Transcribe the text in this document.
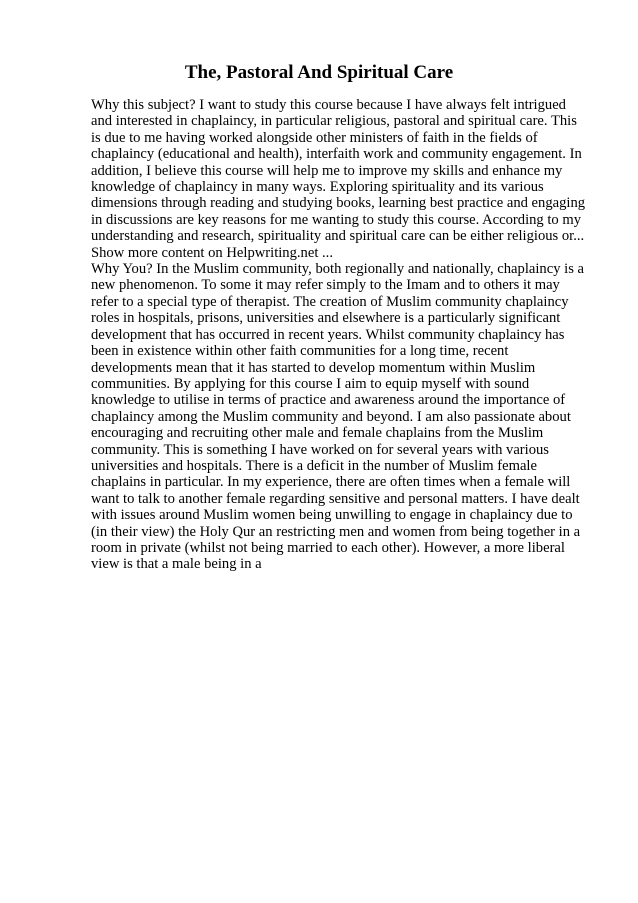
The, Pastoral And Spiritual Care
Why this subject? I want to study this course because I have always felt intrigued
and interested in chaplaincy, in particular religious, pastoral and spiritual care. This
is due to me having worked alongside other ministers of faith in the fields of
chaplaincy (educational and health), interfaith work and community engagement. In
addition, I believe this course will help me to improve my skills and enhance my
knowledge of chaplaincy in many ways. Exploring spirituality and its various
dimensions through reading and studying books, learning best practice and engaging
in discussions are key reasons for me wanting to study this course. According to my
understanding and research, spirituality and spiritual care can be either religious or...
Show more content on Helpwriting.net ...
Why You? In the Muslim community, both regionally and nationally, chaplaincy is a
new phenomenon. To some it may refer simply to the Imam and to others it may
refer to a special type of therapist. The creation of Muslim community chaplaincy
roles in hospitals, prisons, universities and elsewhere is a particularly significant
development that has occurred in recent years. Whilst community chaplaincy has
been in existence within other faith communities for a long time, recent
developments mean that it has started to develop momentum within Muslim
communities. By applying for this course I aim to equip myself with sound
knowledge to utilise in terms of practice and awareness around the importance of
chaplaincy among the Muslim community and beyond. I am also passionate about
encouraging and recruiting other male and female chaplains from the Muslim
community. This is something I have worked on for several years with various
universities and hospitals. There is a deficit in the number of Muslim female
chaplains in particular. In my experience, there are often times when a female will
want to talk to another female regarding sensitive and personal matters. I have dealt
with issues around Muslim women being unwilling to engage in chaplaincy due to
(in their view) the Holy Qur an restricting men and women from being together in a
room in private (whilst not being married to each other). However, a more liberal
view is that a male being in a
